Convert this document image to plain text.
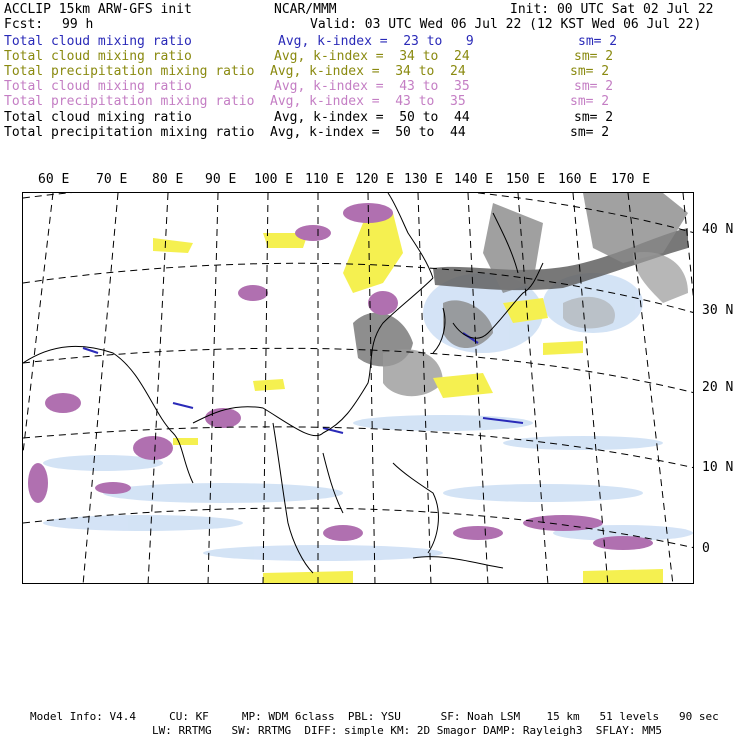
ACCLIP 15km ARW-GFS init	NCAR/MMM	Init: 00 UTC Sat 02 Jul 22
Fcst: 99 h	Valid: 03 UTC Wed 06 Jul 22 (12 KST Wed 06 Jul 22)
Total cloud mixing ratio	Avg, k-index =  23 to   9	sm= 2
Total cloud mixing ratio	Avg, k-index =  34 to  24	sm= 2
Total precipitation mixing ratio Avg, k-index =  34 to  24	sm= 2
Total cloud mixing ratio	Avg, k-index =  43 to  35	sm= 2
Total precipitation mixing ratio Avg, k-index =  43 to  35	sm= 2
Total cloud mixing ratio	Avg, k-index =  50 to  44	sm= 2
Total precipitation mixing ratio Avg, k-index =  50 to  44	sm= 2
60 E 70 E 80 E 90 E 100 E 110 E 120 E 130 E 140 E 150 E 160 E 170 E
40 N
30 N
20 N
10 N
0
Model Info: V4.4     CU: KF     MP: WDM 6class  PBL: YSU      SF: Noah LSM    15 km   51 levels   90 sec
LW: RRTMG   SW: RRTMG  DIFF: simple KM: 2D Smagor DAMP: Rayleigh3  SFLAY: MM5
